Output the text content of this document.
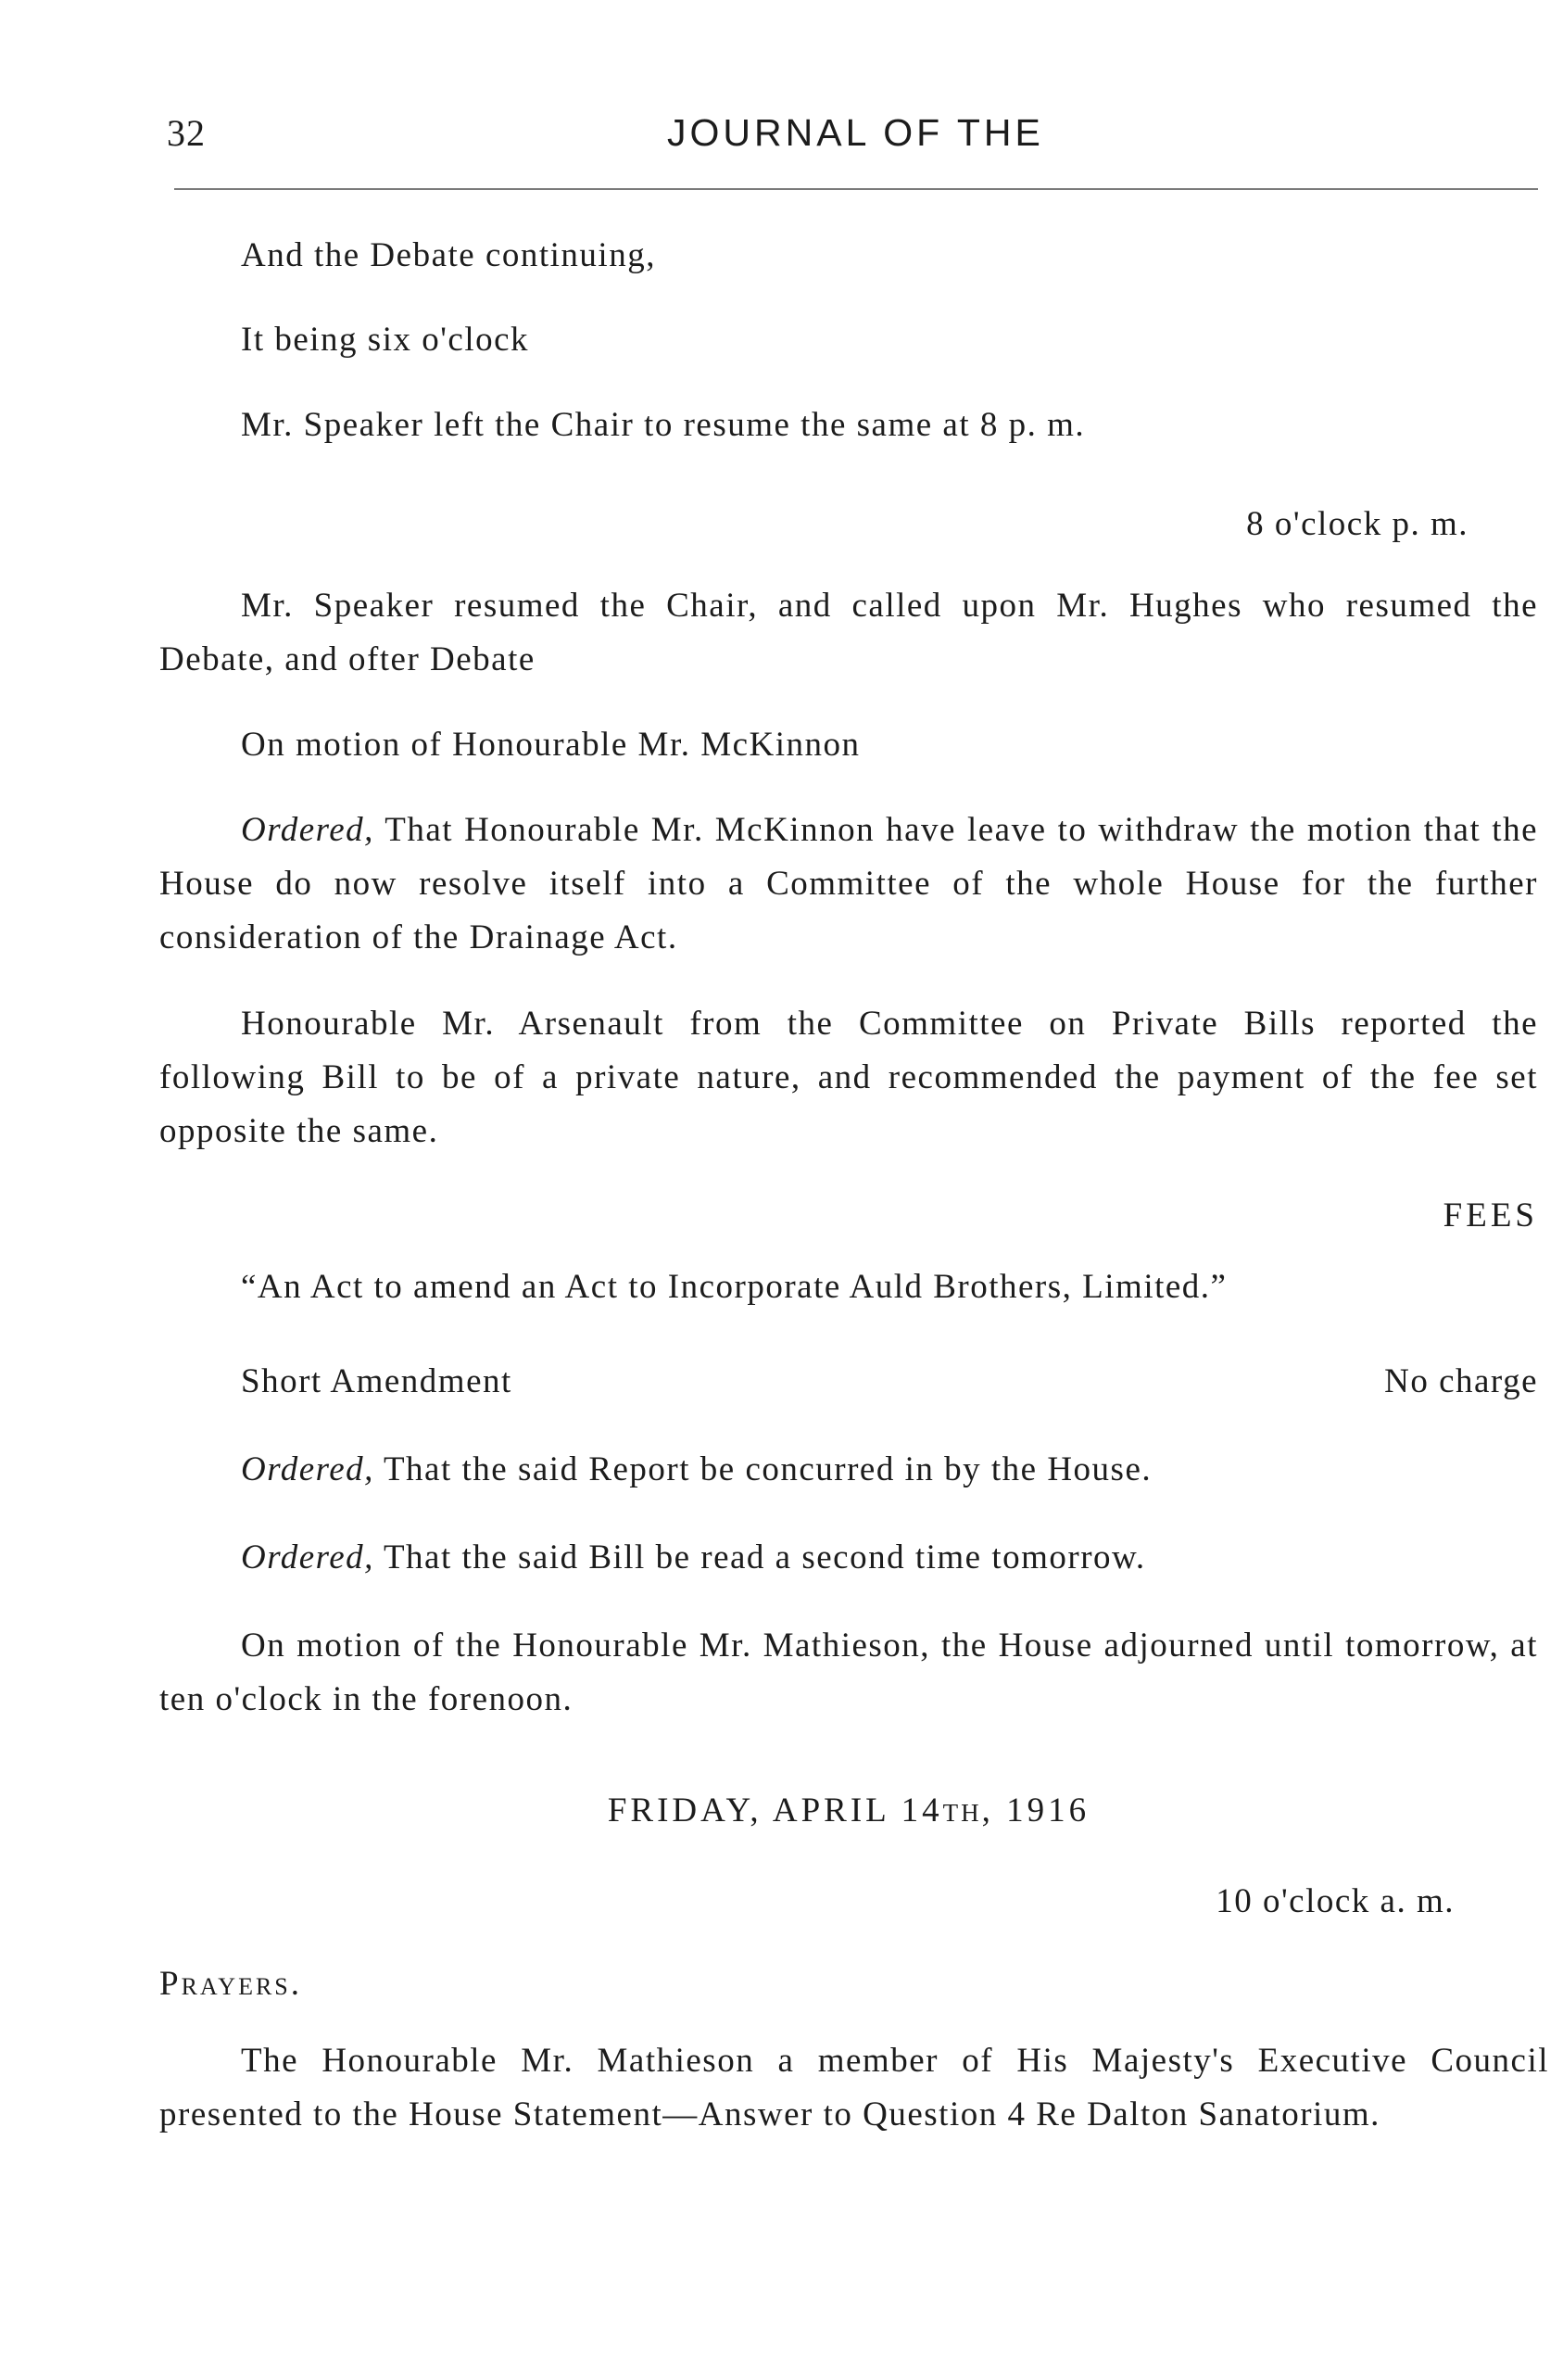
32	JOURNAL OF THE
And the Debate continuing,
It being six o'clock
Mr. Speaker left the Chair to resume the same at 8 p. m.
8 o'clock p. m.
Mr. Speaker resumed the Chair, and called upon Mr. Hughes who resumed the Debate, and ofter Debate
On motion of Honourable Mr. McKinnon
Ordered, That Honourable Mr. McKinnon have leave to withdraw the motion that the House do now resolve itself into a Committee of the whole House for the further consideration of the Drainage Act.
Honourable Mr. Arsenault from the Committee on Private Bills reported the following Bill to be of a private nature, and recommended the payment of the fee set opposite the same.
FEES
“An Act to amend an Act to Incorporate Auld Brothers, Limited.”
Short Amendment	No charge
Ordered, That the said Report be concurred in by the House.
Ordered, That the said Bill be read a second time tomorrow.
On motion of the Honourable Mr. Mathieson, the House adjourned until tomorrow, at ten o'clock in the forenoon.
FRIDAY, APRIL 14TH, 1916
10 o'clock a. m.
Prayers.
The Honourable Mr. Mathieson a member of His Majesty's Executive Council presented to the House Statement—Answer to Question 4 Re Dalton Sanatorium.
